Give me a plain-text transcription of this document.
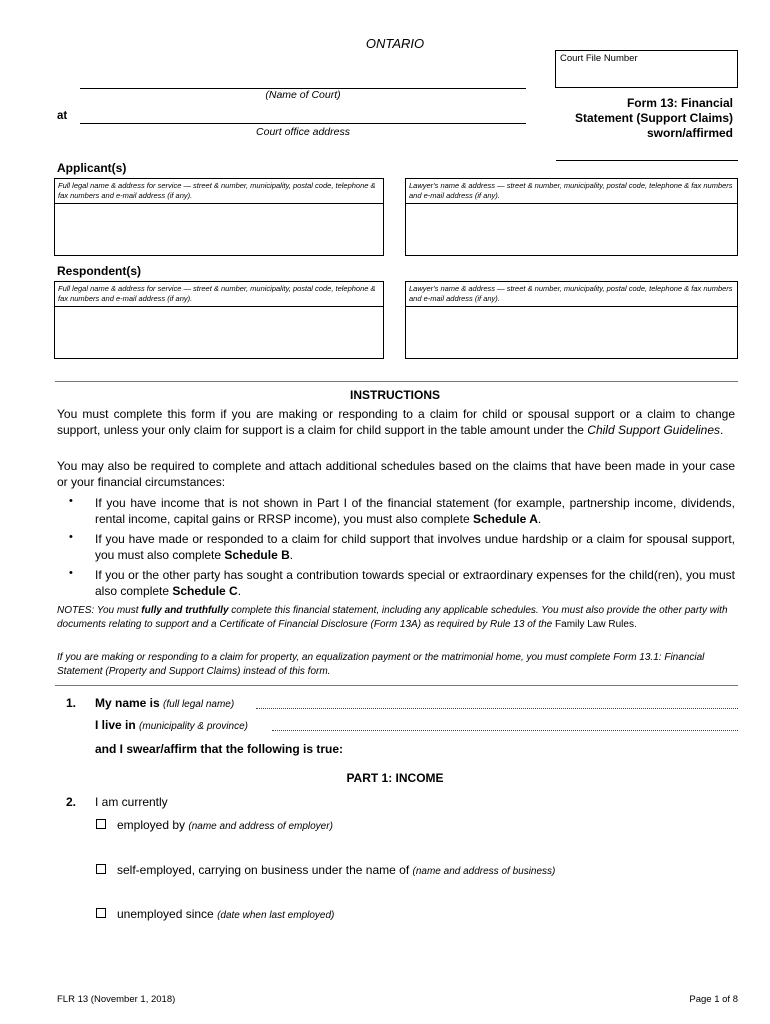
ONTARIO
Court File Number
(Name of Court)
at
Court office address
Form 13: Financial
Statement (Support Claims)
sworn/affirmed
Applicant(s)
Full legal name & address for service — street & number, municipality, postal code, telephone & fax numbers and e-mail address (if any).
Lawyer's name & address — street & number, municipality, postal code, telephone & fax numbers and e-mail address (if any).
Respondent(s)
Full legal name & address for service — street & number, municipality, postal code, telephone & fax numbers and e-mail address (if any).
Lawyer's name & address — street & number, municipality, postal code, telephone & fax numbers and e-mail address (if any).
INSTRUCTIONS
You must complete this form if you are making or responding to a claim for child or spousal support or a claim to change support, unless your only claim for support is a claim for child support in the table amount under the Child Support Guidelines.
You may also be required to complete and attach additional schedules based on the claims that have been made in your case or your financial circumstances:
• If you have income that is not shown in Part I of the financial statement (for example, partnership income, dividends, rental income, capital gains or RRSP income), you must also complete Schedule A.
• If you have made or responded to a claim for child support that involves undue hardship or a claim for spousal support, you must also complete Schedule B.
• If you or the other party has sought a contribution towards special or extraordinary expenses for the child(ren), you must also complete Schedule C.
NOTES: You must fully and truthfully complete this financial statement, including any applicable schedules. You must also provide the other party with documents relating to support and a Certificate of Financial Disclosure (Form 13A) as required by Rule 13 of the Family Law Rules.
If you are making or responding to a claim for property, an equalization payment or the matrimonial home, you must complete Form 13.1: Financial Statement (Property and Support Claims) instead of this form.
1. My name is (full legal name)
I live in (municipality & province)
and I swear/affirm that the following is true:
PART 1: INCOME
2. I am currently
employed by (name and address of employer)
self-employed, carrying on business under the name of (name and address of business)
unemployed since (date when last employed)
FLR 13 (November 1, 2018)	Page 1 of 8
